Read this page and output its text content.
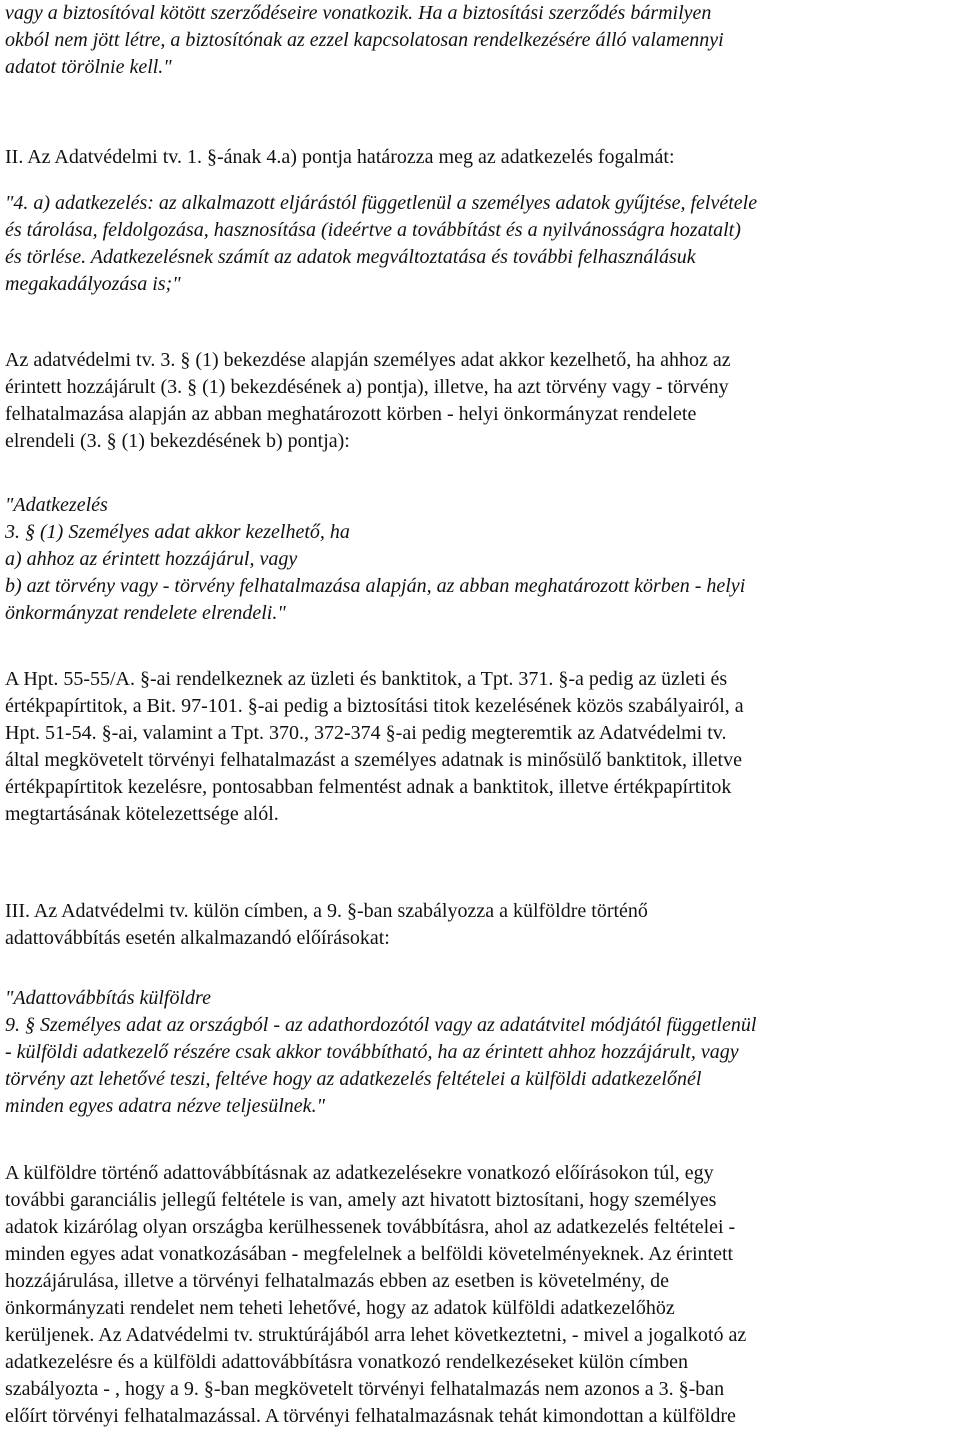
vagy a biztosítóval kötött szerződéseire vonatkozik. Ha a biztosítási szerződés bármilyen
okból nem jött létre, a biztosítónak az ezzel kapcsolatosan rendelkezésére álló valamennyi
adatot törölnie kell."
II. Az Adatvédelmi tv. 1. §-ának 4.a) pontja határozza meg az adatkezelés fogalmát:
"4. a) adatkezelés: az alkalmazott eljárástól függetlenül a személyes adatok gyűjtése, felvétele
és tárolása, feldolgozása, hasznosítása (ideértve a továbbítást és a nyilvánosságra hozatalt)
és törlése. Adatkezelésnek számít az adatok megváltoztatása és további felhasználásuk
megakadályozása is;"
Az adatvédelmi tv. 3. § (1) bekezdése alapján személyes adat akkor kezelhető, ha ahhoz az
érintett hozzájárult (3. § (1) bekezdésének a) pontja), illetve, ha azt törvény vagy - törvény
felhatalmazása alapján az abban meghatározott körben - helyi önkormányzat rendelete
elrendeli (3. § (1) bekezdésének b) pontja):
"Adatkezelés
3. § (1) Személyes adat akkor kezelhető, ha
a) ahhoz az érintett hozzájárul, vagy
b) azt törvény vagy - törvény felhatalmazása alapján, az abban meghatározott körben - helyi
önkormányzat rendelete elrendeli."
A Hpt. 55-55/A. §-ai rendelkeznek az üzleti és banktitok, a Tpt. 371. §-a pedig az üzleti és
értékpapírtitok, a Bit. 97-101. §-ai pedig a biztosítási titok kezelésének közös szabályairól, a
Hpt. 51-54. §-ai, valamint a Tpt. 370., 372-374 §-ai pedig megteremtik az Adatvédelmi tv.
által megkövetelt törvényi felhatalmazást a személyes adatnak is minősülő banktitok, illetve
értékpapírtitok kezelésre, pontosabban felmentést adnak a banktitok, illetve értékpapírtitok
megtartásának kötelezettsége alól.
III. Az Adatvédelmi tv. külön címben, a 9. §-ban szabályozza a külföldre történő
adattovábbítás esetén alkalmazandó előírásokat:
"Adattovábbítás külföldre
9. § Személyes adat az országból - az adathordozótól vagy az adatátvitel módjától függetlenül
- külföldi adatkezelő részére csak akkor továbbítható, ha az érintett ahhoz hozzájárult, vagy
törvény azt lehetővé teszi, feltéve hogy az adatkezelés feltételei a külföldi adatkezelőnél
minden egyes adatra nézve teljesülnek."
A külföldre történő adattovábbításnak az adatkezelésekre vonatkozó előírásokon túl, egy
további garanciális jellegű feltétele is van, amely azt hivatott biztosítani, hogy személyes
adatok kizárólag olyan országba kerülhessenek továbbításra, ahol az adatkezelés feltételei -
minden egyes adat vonatkozásában - megfelelnek a belföldi követelményeknek. Az érintett
hozzájárulása, illetve a törvényi felhatalmazás ebben az esetben is követelmény, de
önkormányzati rendelet nem teheti lehetővé, hogy az adatok külföldi adatkezelőhöz
kerüljenek. Az Adatvédelmi tv. struktúrájából arra lehet következtetni, - mivel a jogalkotó az
adatkezelésre és a külföldi adattovábbításra vonatkozó rendelkezéseket külön címben
szabályozta - , hogy a 9. §-ban megkövetelt törvényi felhatalmazás nem azonos a 3. §-ban
előírt törvényi felhatalmazással. A törvényi felhatalmazásnak tehát kimondottan a külföldre
